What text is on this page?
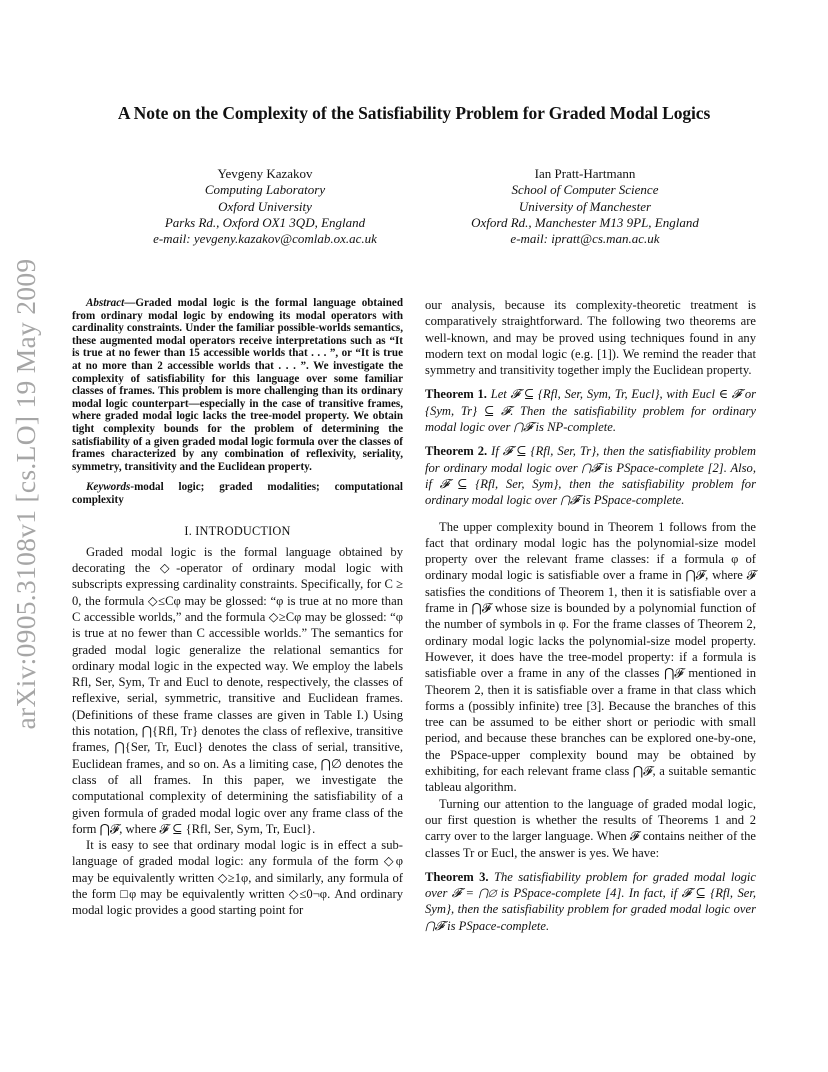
A Note on the Complexity of the Satisfiability Problem for Graded Modal Logics
Yevgeny Kazakov
Computing Laboratory
Oxford University
Parks Rd., Oxford OX1 3QD, England
e-mail: yevgeny.kazakov@comlab.ox.ac.uk
Ian Pratt-Hartmann
School of Computer Science
University of Manchester
Oxford Rd., Manchester M13 9PL, England
e-mail: ipratt@cs.man.ac.uk
arXiv:0905.3108v1 [cs.LO] 19 May 2009	Abstract—Graded modal logic is the formal language obtained from ordinary modal logic by endowing its modal operators with cardinality constraints. Under the familiar possible-worlds semantics, these augmented modal operators receive interpretations such as “It is true at no fewer than 15 accessible worlds that . . . ”, or “It is true at no more than 2 accessible worlds that . . . ”. We investigate the complexity of satisfiability for this language over some familiar classes of frames. This problem is more challenging than its ordinary modal logic counterpart—especially in the case of transitive frames, where graded modal logic lacks the tree-model property. We obtain tight complexity bounds for the problem of determining the satisfiability of a given graded modal logic formula over the classes of frames characterized by any combination of reflexivity, seriality, symmetry, transitivity and the Euclidean property.

Keywords-modal logic; graded modalities; computational complexity

I. INTRODUCTION

Graded modal logic is the formal language obtained by decorating the ◇-operator of ordinary modal logic with subscripts expressing cardinality constraints. Specifically, for C ≥ 0, the formula ◇≤Cφ may be glossed: “φ is true at no more than C accessible worlds,” and the formula ◇≥Cφ may be glossed: “φ is true at no fewer than C accessible worlds.” The semantics for graded modal logic generalize the relational semantics for ordinary modal logic in the expected way. We employ the labels Rfl, Ser, Sym, Tr and Eucl to denote, respectively, the classes of reflexive, serial, symmetric, transitive and Euclidean frames. (Definitions of these frame classes are given in Table I.) Using this notation, ⋂{Rfl, Tr} denotes the class of reflexive, transitive frames, ⋂{Ser, Tr, Eucl} denotes the class of serial, transitive, Euclidean frames, and so on. As a limiting case, ⋂∅ denotes the class of all frames. In this paper, we investigate the computational complexity of determining the satisfiability of a given formula of graded modal logic over any frame class of the form ⋂𝓕, where 𝓕 ⊆ {Rfl, Ser, Sym, Tr, Eucl}.

It is easy to see that ordinary modal logic is in effect a sub-language of graded modal logic: any formula of the form ◇φ may be equivalently written ◇≥1φ, and similarly, any formula of the form □φ may be equivalently written ◇≤0¬φ. And ordinary modal logic provides a good starting point for

our analysis, because its complexity-theoretic treatment is comparatively straightforward. The following two theorems are well-known, and may be proved using techniques found in any modern text on modal logic (e.g. [1]). We remind the reader that symmetry and transitivity together imply the Euclidean property.

Theorem 1. Let 𝓕 ⊆ {Rfl, Ser, Sym, Tr, Eucl}, with Eucl ∈ 𝓕 or {Sym, Tr} ⊆ 𝓕. Then the satisfiability problem for ordinary modal logic over ⋂𝓕 is NP-complete.

Theorem 2. If 𝓕 ⊆ {Rfl, Ser, Tr}, then the satisfiability problem for ordinary modal logic over ⋂𝓕 is PSpace-complete [2]. Also, if 𝓕 ⊆ {Rfl, Ser, Sym}, then the satisfiability problem for ordinary modal logic over ⋂𝓕 is PSpace-complete.

The upper complexity bound in Theorem 1 follows from the fact that ordinary modal logic has the polynomial-size model property over the relevant frame classes: if a formula φ of ordinary modal logic is satisfiable over a frame in ⋂𝓕, where 𝓕 satisfies the conditions of Theorem 1, then it is satisfiable over a frame in ⋂𝓕 whose size is bounded by a polynomial function of the number of symbols in φ. For the frame classes of Theorem 2, ordinary modal logic lacks the polynomial-size model property. However, it does have the tree-model property: if a formula is satisfiable over a frame in any of the classes ⋂𝓕 mentioned in Theorem 2, then it is satisfiable over a frame in that class which forms a (possibly infinite) tree [3]. Because the branches of this tree can be assumed to be either short or periodic with small period, and because these branches can be explored one-by-one, the PSpace-upper complexity bound may be obtained by exhibiting, for each relevant frame class ⋂𝓕, a suitable semantic tableau algorithm.

Turning our attention to the language of graded modal logic, our first question is whether the results of Theorems 1 and 2 carry over to the larger language. When 𝓕 contains neither of the classes Tr or Eucl, the answer is yes. We have:

Theorem 3. The satisfiability problem for graded modal logic over 𝓕 = ⋂∅ is PSpace-complete [4]. In fact, if 𝓕 ⊆ {Rfl, Ser, Sym}, then the satisfiability problem for graded modal logic over ⋂𝓕 is PSpace-complete.
